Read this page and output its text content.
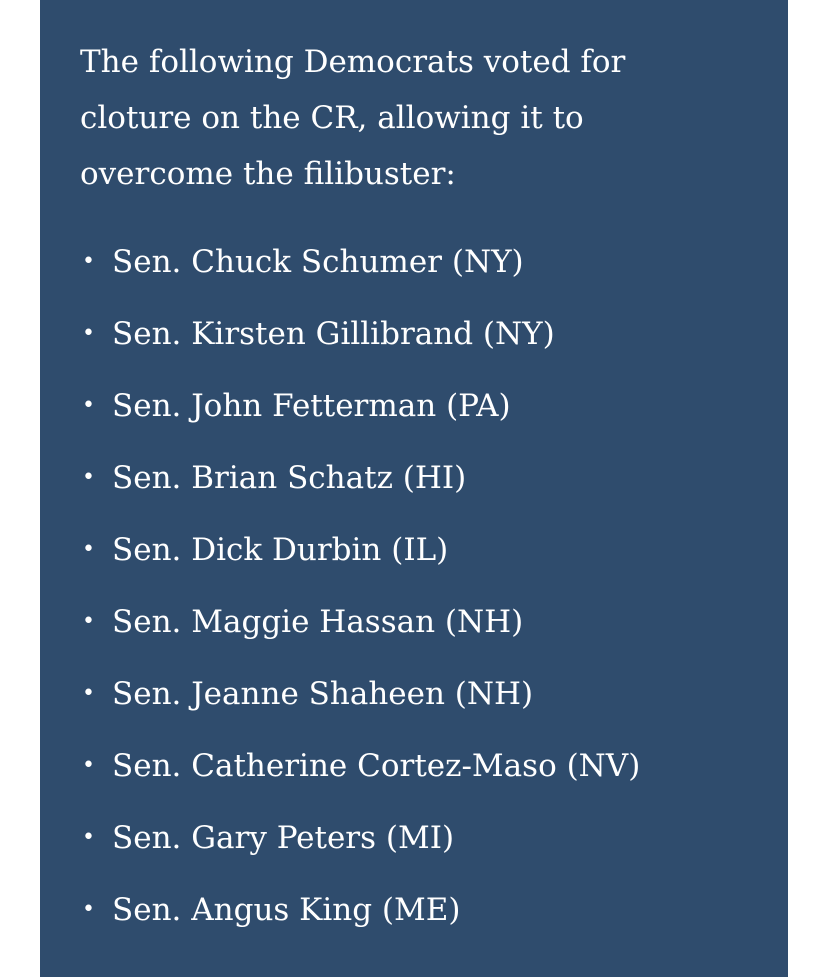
The following Democrats voted for cloture on the CR, allowing it to overcome the filibuster:

• Sen. Chuck Schumer (NY)
• Sen. Kirsten Gillibrand (NY)
• Sen. John Fetterman (PA)
• Sen. Brian Schatz (HI)
• Sen. Dick Durbin (IL)
• Sen. Maggie Hassan (NH)
• Sen. Jeanne Shaheen (NH)
• Sen. Catherine Cortez-Maso (NV)
• Sen. Gary Peters (MI)
• Sen. Angus King (ME)
